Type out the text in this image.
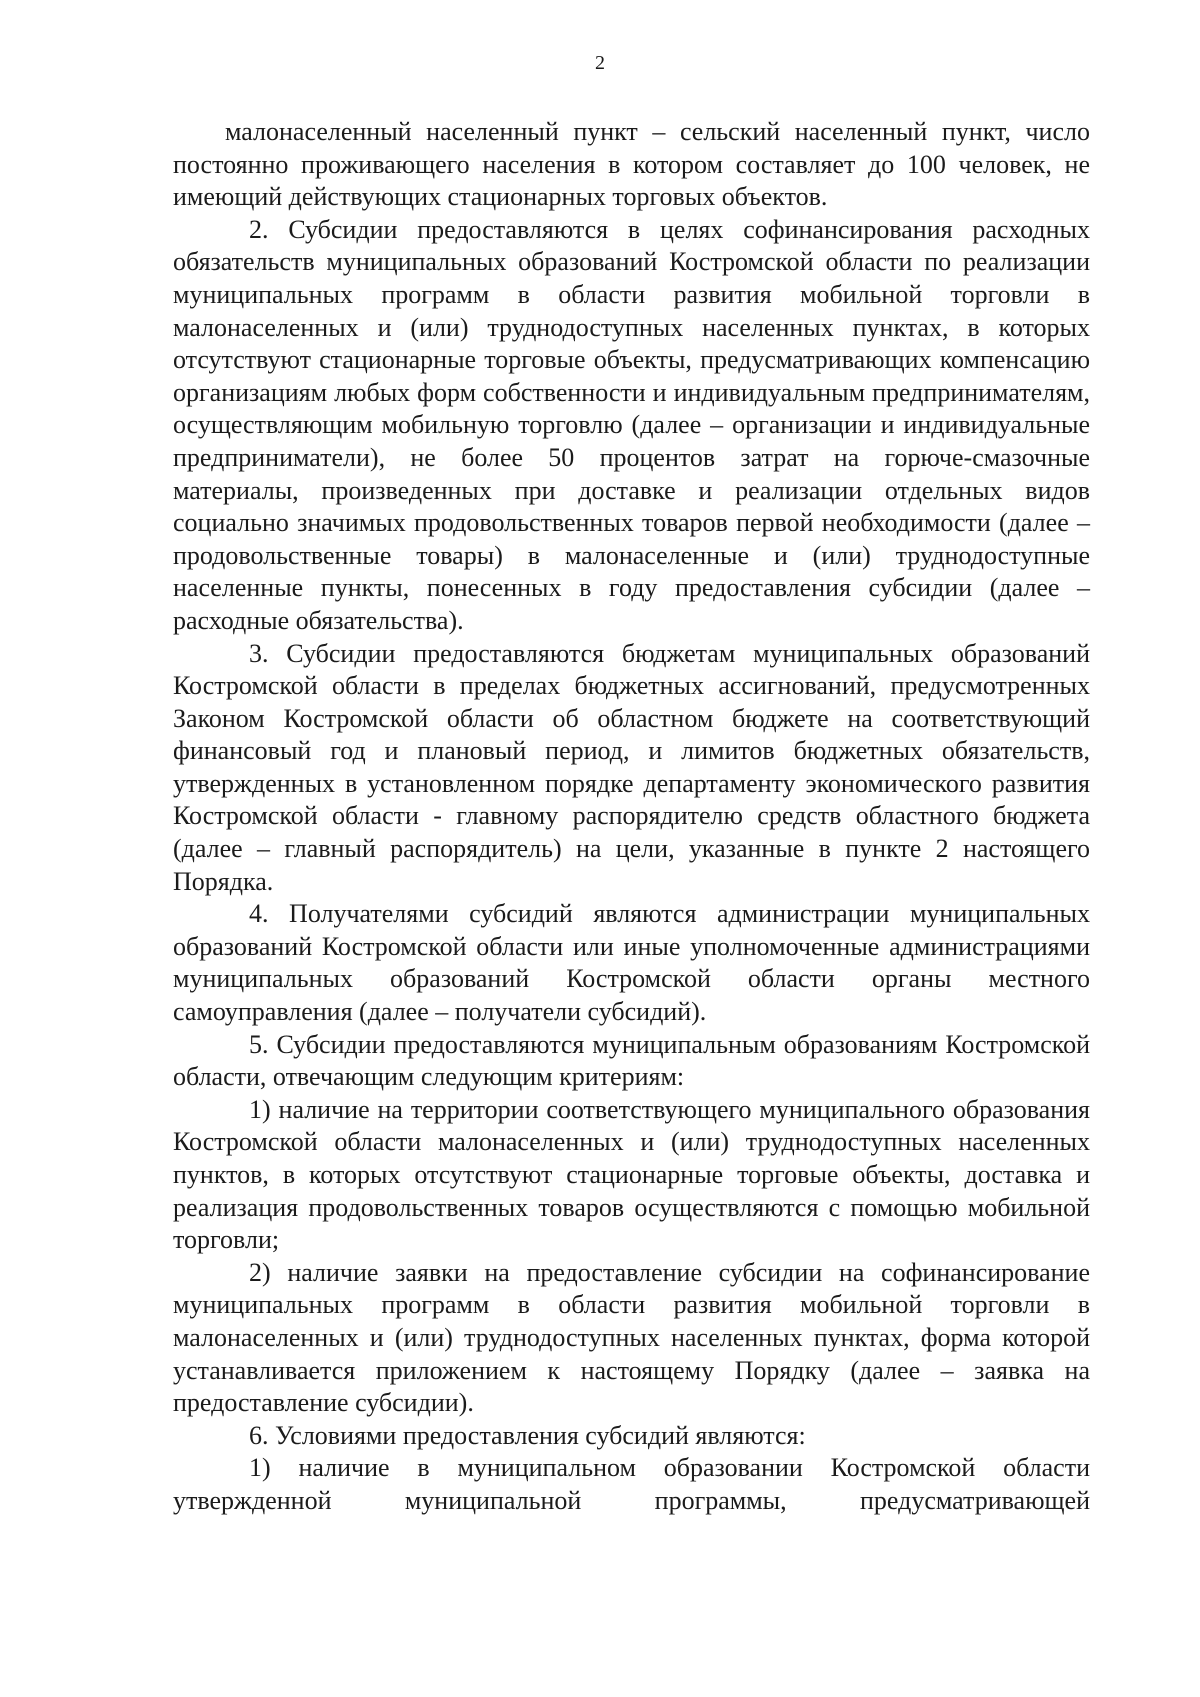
2

малонаселенный населенный пункт – сельский населенный пункт, число постоянно проживающего населения в котором составляет до 100 человек, не имеющий действующих стационарных торговых объектов.

2. Субсидии предоставляются в целях софинансирования расходных обязательств муниципальных образований Костромской области по реализации муниципальных программ в области развития мобильной торговли в малонаселенных и (или) труднодоступных населенных пунктах, в которых отсутствуют стационарные торговые объекты, предусматривающих компенсацию организациям любых форм собственности и индивидуальным предпринимателям, осуществляющим мобильную торговлю (далее – организации и индивидуальные предприниматели), не более 50 процентов затрат на горюче-смазочные материалы, произведенных при доставке и реализации отдельных видов социально значимых продовольственных товаров первой необходимости (далее – продовольственные товары) в малонаселенные и (или) труднодоступные населенные пункты, понесенных в году предоставления субсидии (далее – расходные обязательства).

3. Субсидии предоставляются бюджетам муниципальных образований Костромской области в пределах бюджетных ассигнований, предусмотренных Законом Костромской области об областном бюджете на соответствующий финансовый год и плановый период, и лимитов бюджетных обязательств, утвержденных в установленном порядке департаменту экономического развития Костромской области - главному распорядителю средств областного бюджета (далее – главный распорядитель) на цели, указанные в пункте 2 настоящего Порядка.

4. Получателями субсидий являются администрации муниципальных образований Костромской области или иные уполномоченные администрациями муниципальных образований Костромской области органы местного самоуправления (далее – получатели субсидий).

5. Субсидии предоставляются муниципальным образованиям Костромской области, отвечающим следующим критериям:

1) наличие на территории соответствующего муниципального образования Костромской области малонаселенных и (или) труднодоступных населенных пунктов, в которых отсутствуют стационарные торговые объекты, доставка и реализация продовольственных товаров осуществляются с помощью мобильной торговли;

2) наличие заявки на предоставление субсидии на софинансирование муниципальных программ в области развития мобильной торговли в малонаселенных и (или) труднодоступных населенных пунктах, форма которой устанавливается приложением к настоящему Порядку (далее – заявка на предоставление субсидии).

6. Условиями предоставления субсидий являются:

1) наличие в муниципальном образовании Костромской области утвержденной муниципальной программы, предусматривающей
